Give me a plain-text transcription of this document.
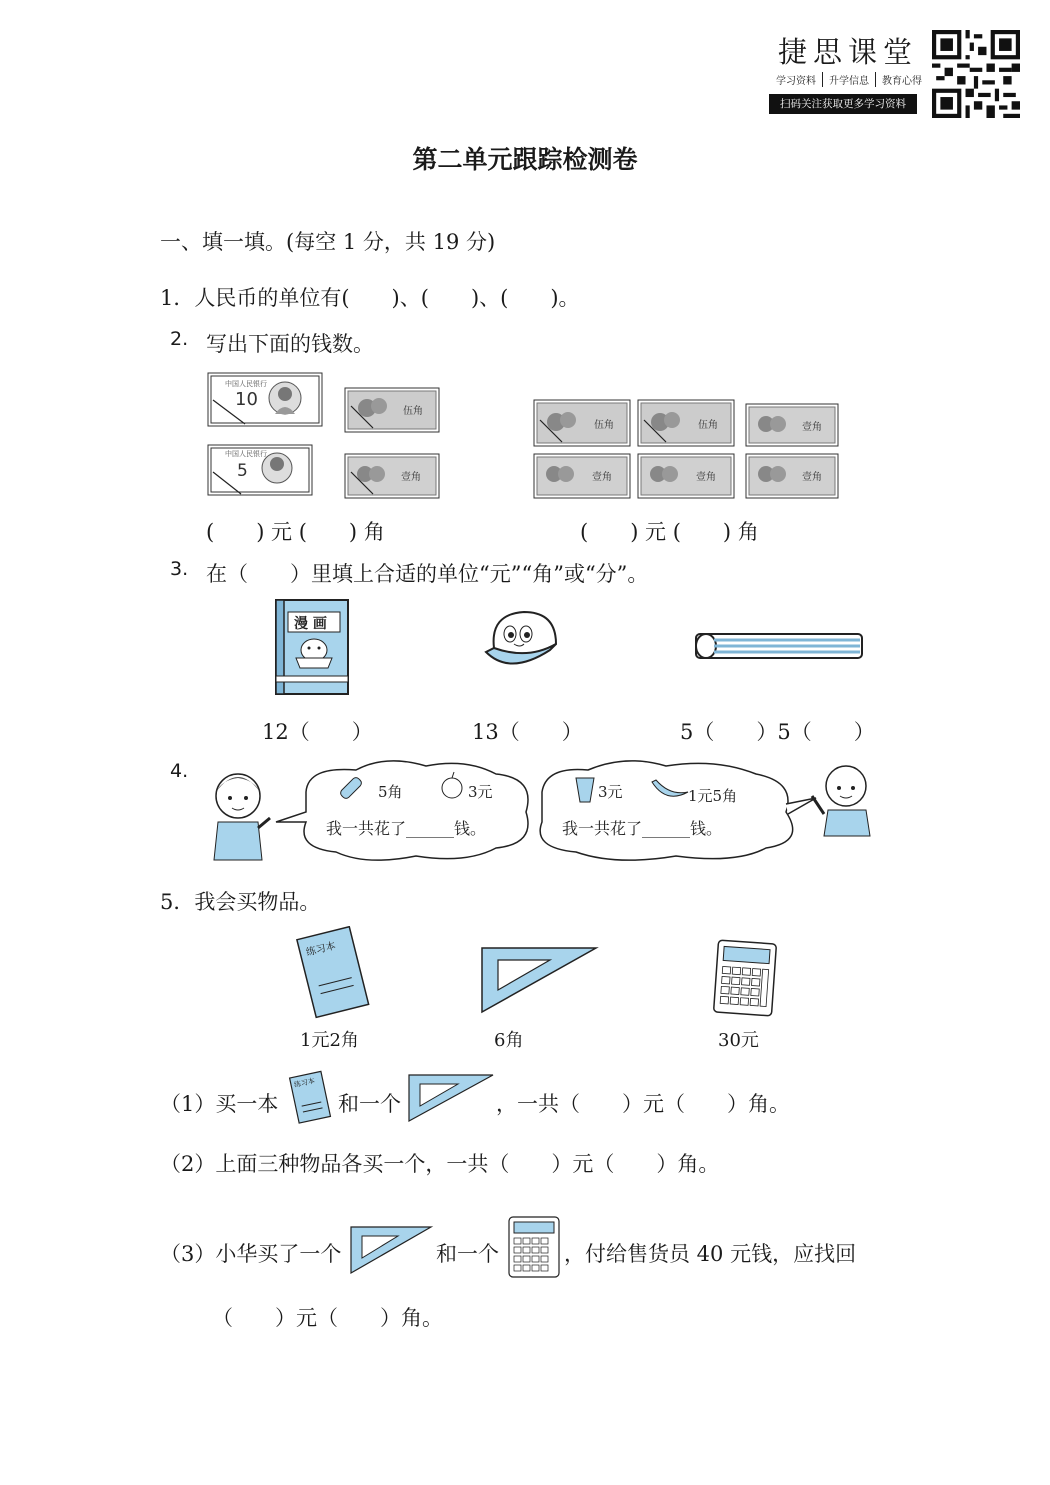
捷思课堂
学习资料	升学信息	教育心得
扫码关注获取更多学习资料
第二单元跟踪检测卷
一、填一填。(每空 1 分，共 19 分)
1．人民币的单位有(　　)、(　　)、(　　)。
2. 写出下面的钱数。
10
中国人民银行
5
中国人民银行
伍角
壹角
伍角	伍角	壹角
壹角	壹角	壹角
(　　) 元 (　　) 角	(　　) 元 (　　) 角
3. 在（　　）里填上合适的单位“元”“角”或“分”。
漫 画
12（　　）	13（　　）	5（　　）5（　　）
4.
5角	3元
我一共花了______钱。
3元	1元5角
我一共花了______钱。
5．我会买物品。
练习本
1元2角	6角	30元
（1）买一本
练习本
和一个	，一共（　　）元（　　）角。
（2）上面三种物品各买一个，一共（　　）元（　　）角。
（3）小华买了一个	和一个	，付给售货员 40 元钱，应找回
（　　）元（　　）角。
